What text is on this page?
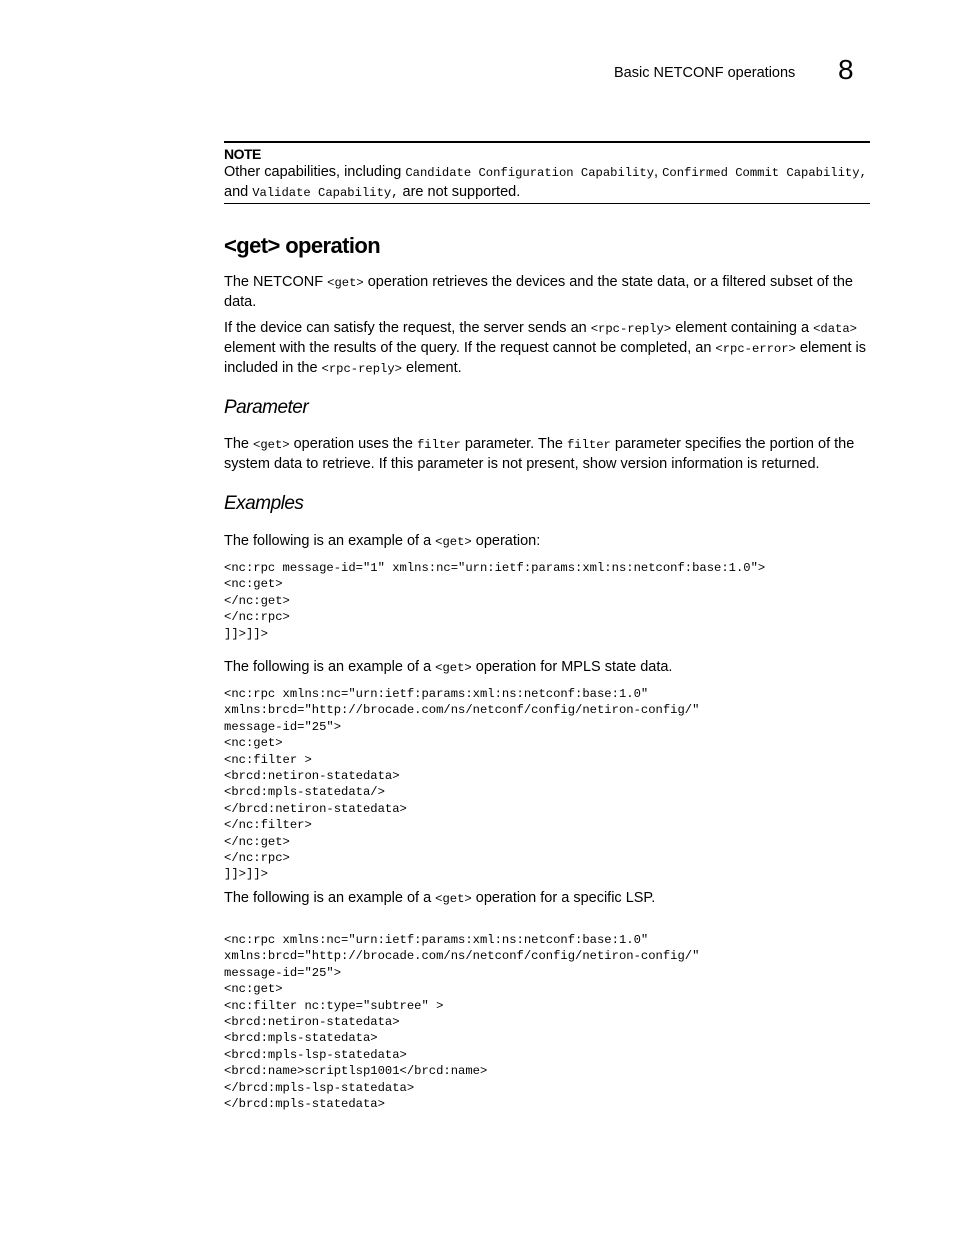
Basic NETCONF operations 8
NOTE
Other capabilities, including Candidate Configuration Capability, Confirmed Commit Capability, and Validate Capability, are not supported.
<get> operation
The NETCONF <get> operation retrieves the devices and the state data, or a filtered subset of the data.
If the device can satisfy the request, the server sends an <rpc-reply> element containing a <data> element with the results of the query. If the request cannot be completed, an <rpc-error> element is included in the <rpc-reply> element.
Parameter
The <get> operation uses the filter parameter. The filter parameter specifies the portion of the system data to retrieve. If this parameter is not present, show version information is returned.
Examples
The following is an example of a <get> operation:
<nc:rpc message-id="1" xmlns:nc="urn:ietf:params:xml:ns:netconf:base:1.0">
<nc:get>
</nc:get>
</nc:rpc>
]]>]]>
The following is an example of a <get> operation for MPLS state data.
<nc:rpc xmlns:nc="urn:ietf:params:xml:ns:netconf:base:1.0"
xmlns:brcd="http://brocade.com/ns/netconf/config/netiron-config/"
message-id="25">
<nc:get>
<nc:filter >
<brcd:netiron-statedata>
<brcd:mpls-statedata/>
</brcd:netiron-statedata>
</nc:filter>
</nc:get>
</nc:rpc>
]]>]]>
The following is an example of a <get> operation for a specific LSP.
<nc:rpc xmlns:nc="urn:ietf:params:xml:ns:netconf:base:1.0"
xmlns:brcd="http://brocade.com/ns/netconf/config/netiron-config/"
message-id="25">
<nc:get>
<nc:filter nc:type="subtree" >
<brcd:netiron-statedata>
<brcd:mpls-statedata>
<brcd:mpls-lsp-statedata>
<brcd:name>scriptlsp1001</brcd:name>
</brcd:mpls-lsp-statedata>
</brcd:mpls-statedata>
